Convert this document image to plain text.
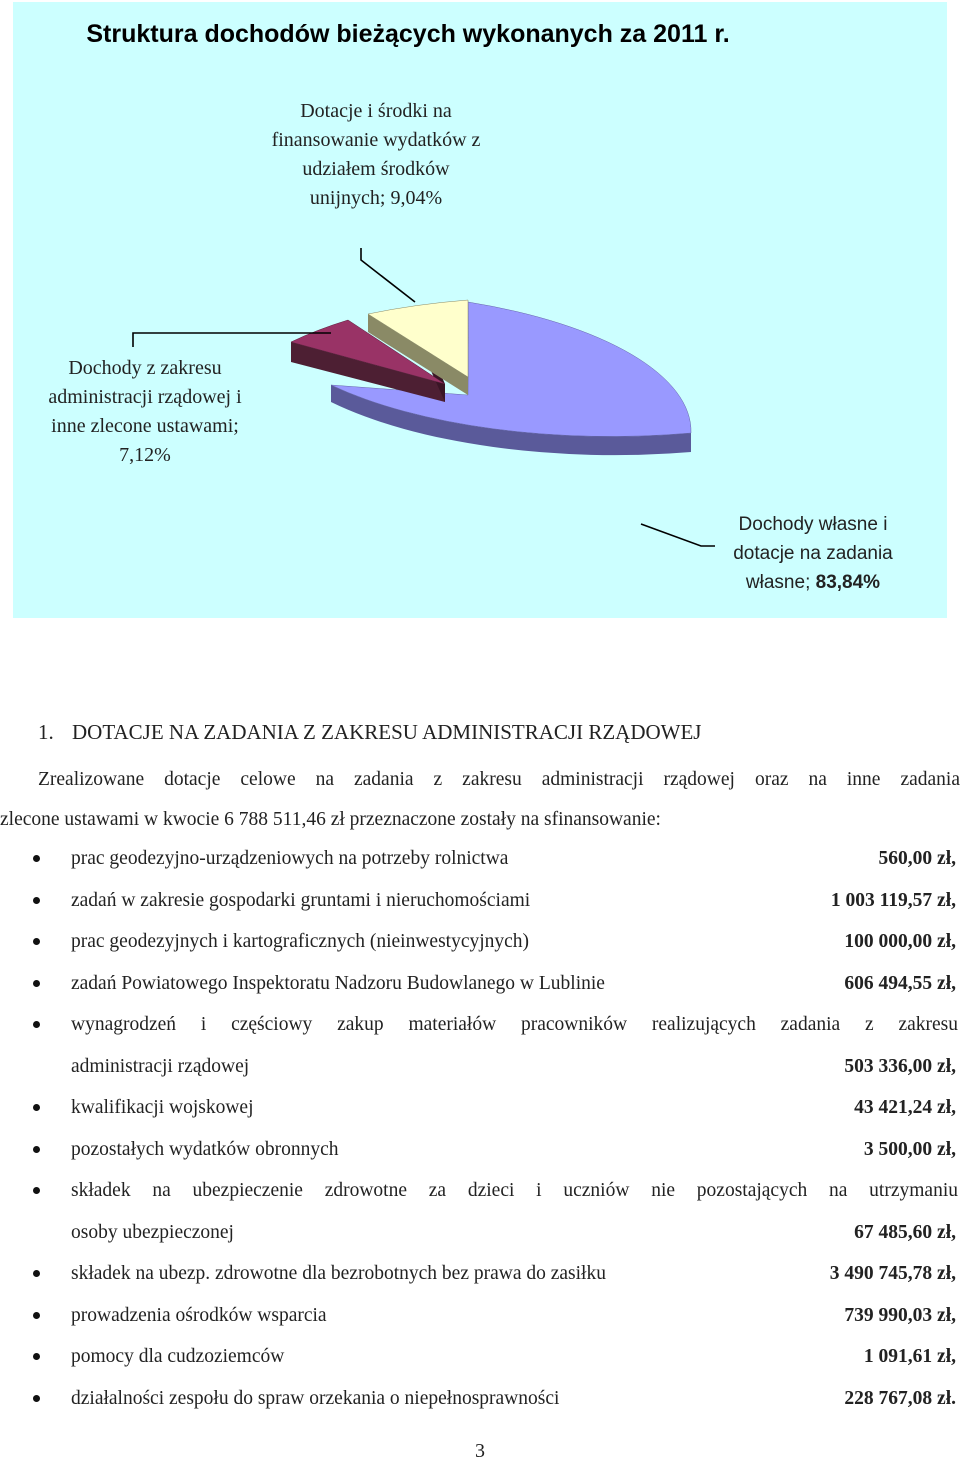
Struktura dochodów bieżących wykonanych za 2011 r.
Dotacje i środki na finansowanie wydatków z udziałem środków unijnych; 9,04%
Dochody z zakresu administracji rządowej i inne zlecone ustawami; 7,12%
Dochody własne i dotacje na zadania własne; 83,84%
1. DOTACJE NA ZADANIA Z ZAKRESU ADMINISTRACJI RZĄDOWEJ
Zrealizowane dotacje celowe na zadania z zakresu administracji rządowej oraz na inne zadania
zlecone ustawami w kwocie 6 788 511,46 zł przeznaczone zostały na sfinansowanie:
prac geodezyjno-urządzeniowych na potrzeby rolnictwa	560,00 zł,
zadań w zakresie gospodarki gruntami i nieruchomościami	1 003 119,57 zł,
prac geodezyjnych i kartograficznych (nieinwestycyjnych)	100 000,00 zł,
zadań Powiatowego Inspektoratu Nadzoru Budowlanego w Lublinie	606 494,55 zł,
wynagrodzeń i częściowy zakup materiałów pracowników realizujących zadania z zakresu
administracji rządowej	503 336,00 zł,
kwalifikacji wojskowej	43 421,24 zł,
pozostałych wydatków obronnych	3 500,00 zł,
składek na ubezpieczenie zdrowotne za dzieci i uczniów nie pozostających na utrzymaniu
osoby ubezpieczonej	67 485,60 zł,
składek na ubezp. zdrowotne dla bezrobotnych bez prawa do zasiłku	3 490 745,78 zł,
prowadzenia ośrodków wsparcia	739 990,03 zł,
pomocy dla cudzoziemców	1 091,61 zł,
działalności zespołu do spraw orzekania o niepełnosprawności	228 767,08 zł.
3
